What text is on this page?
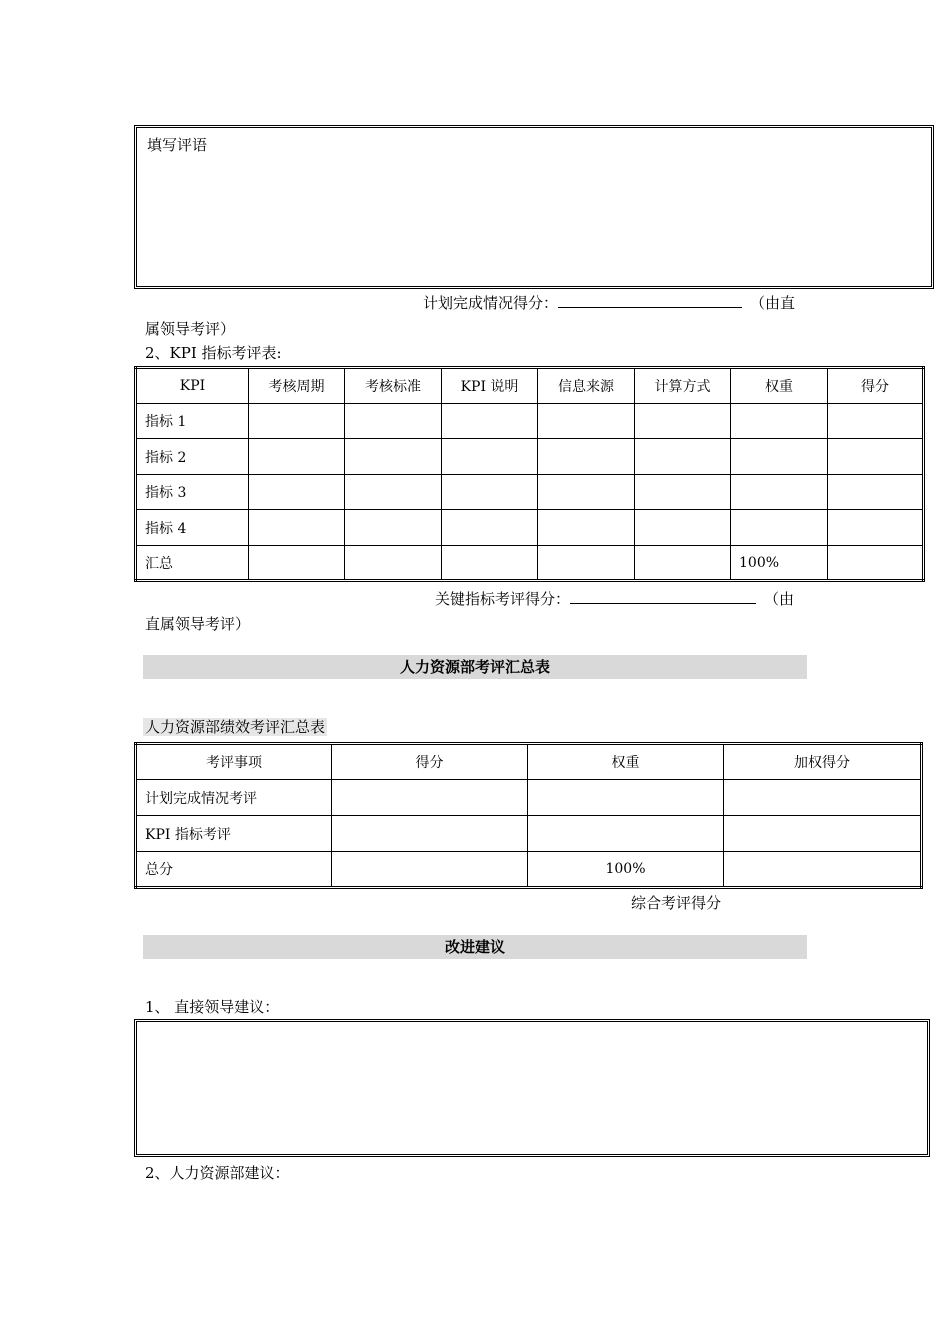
填写评语
计划完成情况得分：	（由直
属领导考评）
2、KPI 指标考评表:
KPI	考核周期	考核标准	KPI 说明	信息来源	计算方式	权重	得分
指标 1							
指标 2							
指标 3							
指标 4							
汇总						100%	
关键指标考评得分：	（由
直属领导考评）
人力资源部考评汇总表
人力资源部绩效考评汇总表
考评事项	得分	权重	加权得分
计划完成情况考评			
KPI 指标考评			
总分		100%	
综合考评得分
改进建议
1、 直接领导建议：
2、人力资源部建议：
